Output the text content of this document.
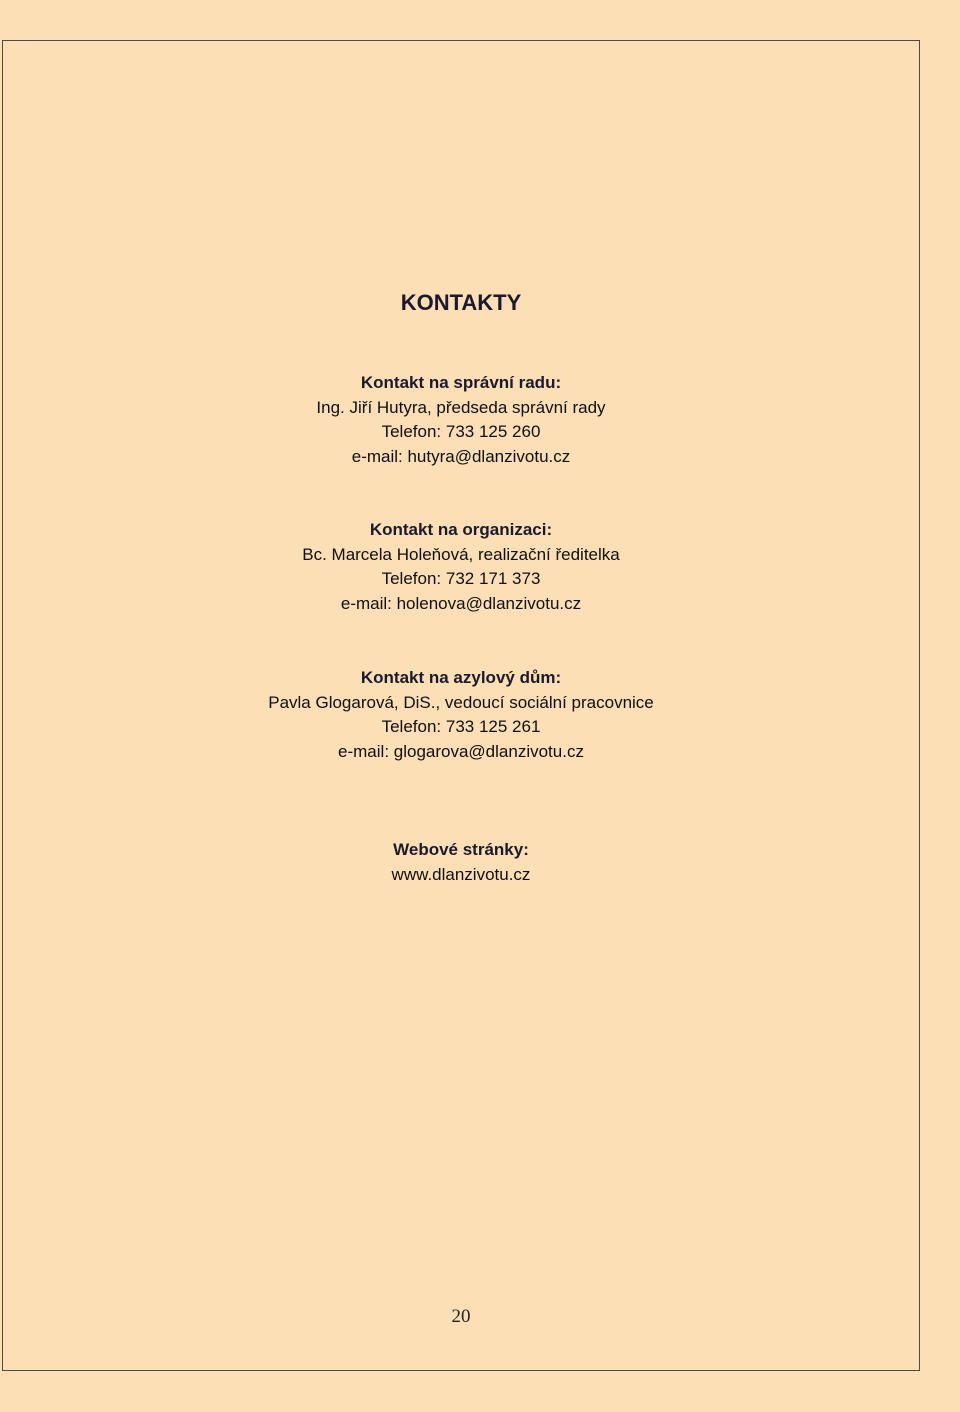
KONTAKTY
Kontakt na správní radu:
Ing. Jiří Hutyra, předseda správní rady
Telefon: 733 125 260
e-mail: hutyra@dlanzivotu.cz
Kontakt na organizaci:
Bc. Marcela Holeňová, realizační ředitelka
Telefon: 732 171 373
e-mail: holenova@dlanzivotu.cz
Kontakt na azylový dům:
Pavla Glogarová, DiS., vedoucí sociální pracovnice
Telefon: 733 125 261
e-mail: glogarova@dlanzivotu.cz
Webové stránky:
www.dlanzivotu.cz
20
